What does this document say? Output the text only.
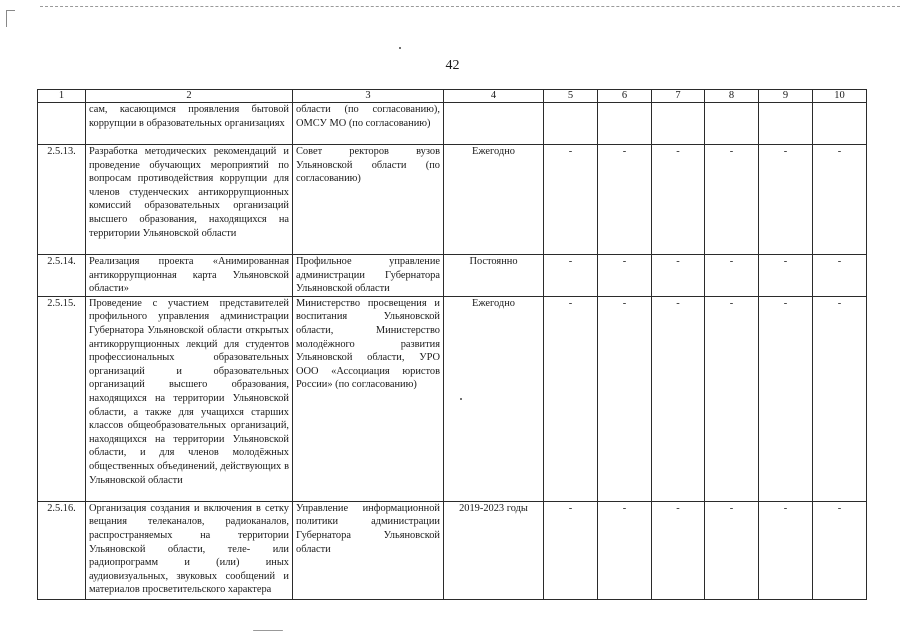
42
1	2	3	4	5	6	7	8	9	10
	сам, касающимся проявления бытовой коррупции в образовательных организациях	области (по согласованию), ОМСУ МО (по согласованию)							
2.5.13.	Разработка методических рекомендаций и проведение обучающих мероприятий по вопросам противодействия коррупции для членов студенческих антикоррупционных комиссий образовательных организаций высшего образования, находящихся на территории Ульяновской области	Совет ректоров вузов Ульяновской области (по согласованию)	Ежегодно	-	-	-	-	-	-
2.5.14.	Реализация проекта «Анимированная антикоррупционная карта Ульяновской области»	Профильное управление администрации Губернатора Ульяновской области	Постоянно	-	-	-	-	-	-
2.5.15.	Проведение с участием представителей профильного управления администрации Губернатора Ульяновской области открытых антикоррупционных лекций для студентов профессиональных образовательных организаций и образовательных организаций высшего образования, находящихся на территории Ульяновской области, а также для учащихся старших классов общеобразовательных организаций, находящихся на территории Ульяновской области, и для членов молодёжных общественных объединений, действующих в Ульяновской области	Министерство просвещения и воспитания Ульяновской области, Министерство молодёжного развития Ульяновской области, УРО ООО «Ассоциация юристов России» (по согласованию)	Ежегодно	-	-	-	-	-	-
2.5.16.	Организация создания и включения в сетку вещания телеканалов, радиоканалов, распространяемых на территории Ульяновской области, теле- или радиопрограмм и (или) иных аудиовизуальных, звуковых сообщений и материалов просветительского характера	Управление информационной политики администрации Губернатора Ульяновской области	2019-2023 годы	-	-	-	-	-	-
